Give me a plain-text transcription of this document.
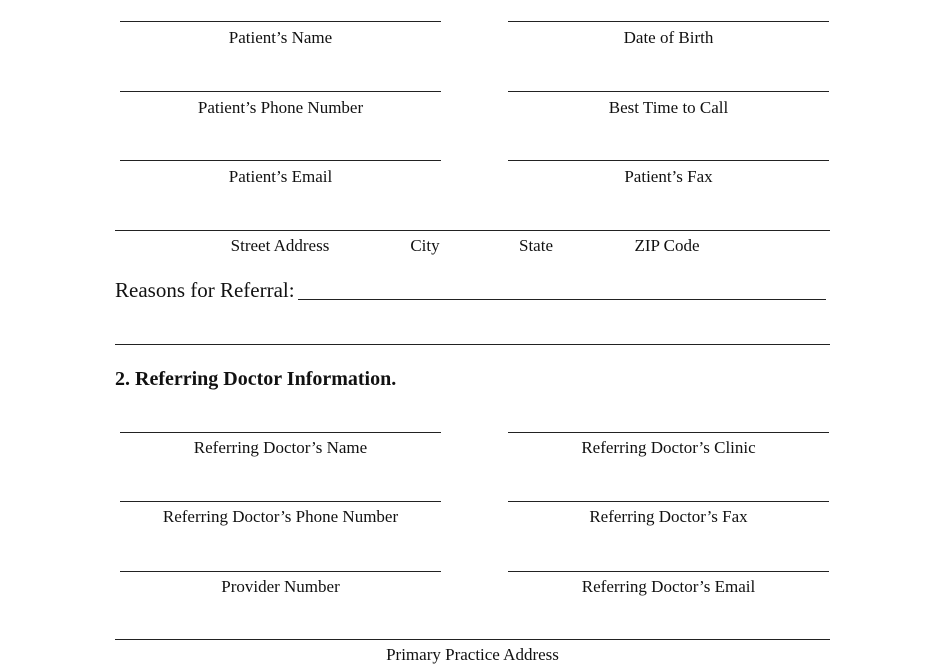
Patient’s Name	Date of Birth
Patient’s Phone Number	Best Time to Call
Patient’s Email	Patient’s Fax
Street Address	City	State	ZIP Code
Reasons for Referral:
2. Referring Doctor Information.
Referring Doctor’s Name	Referring Doctor’s Clinic
Referring Doctor’s Phone Number	Referring Doctor’s Fax
Provider Number	Referring Doctor’s Email
Primary Practice Address
